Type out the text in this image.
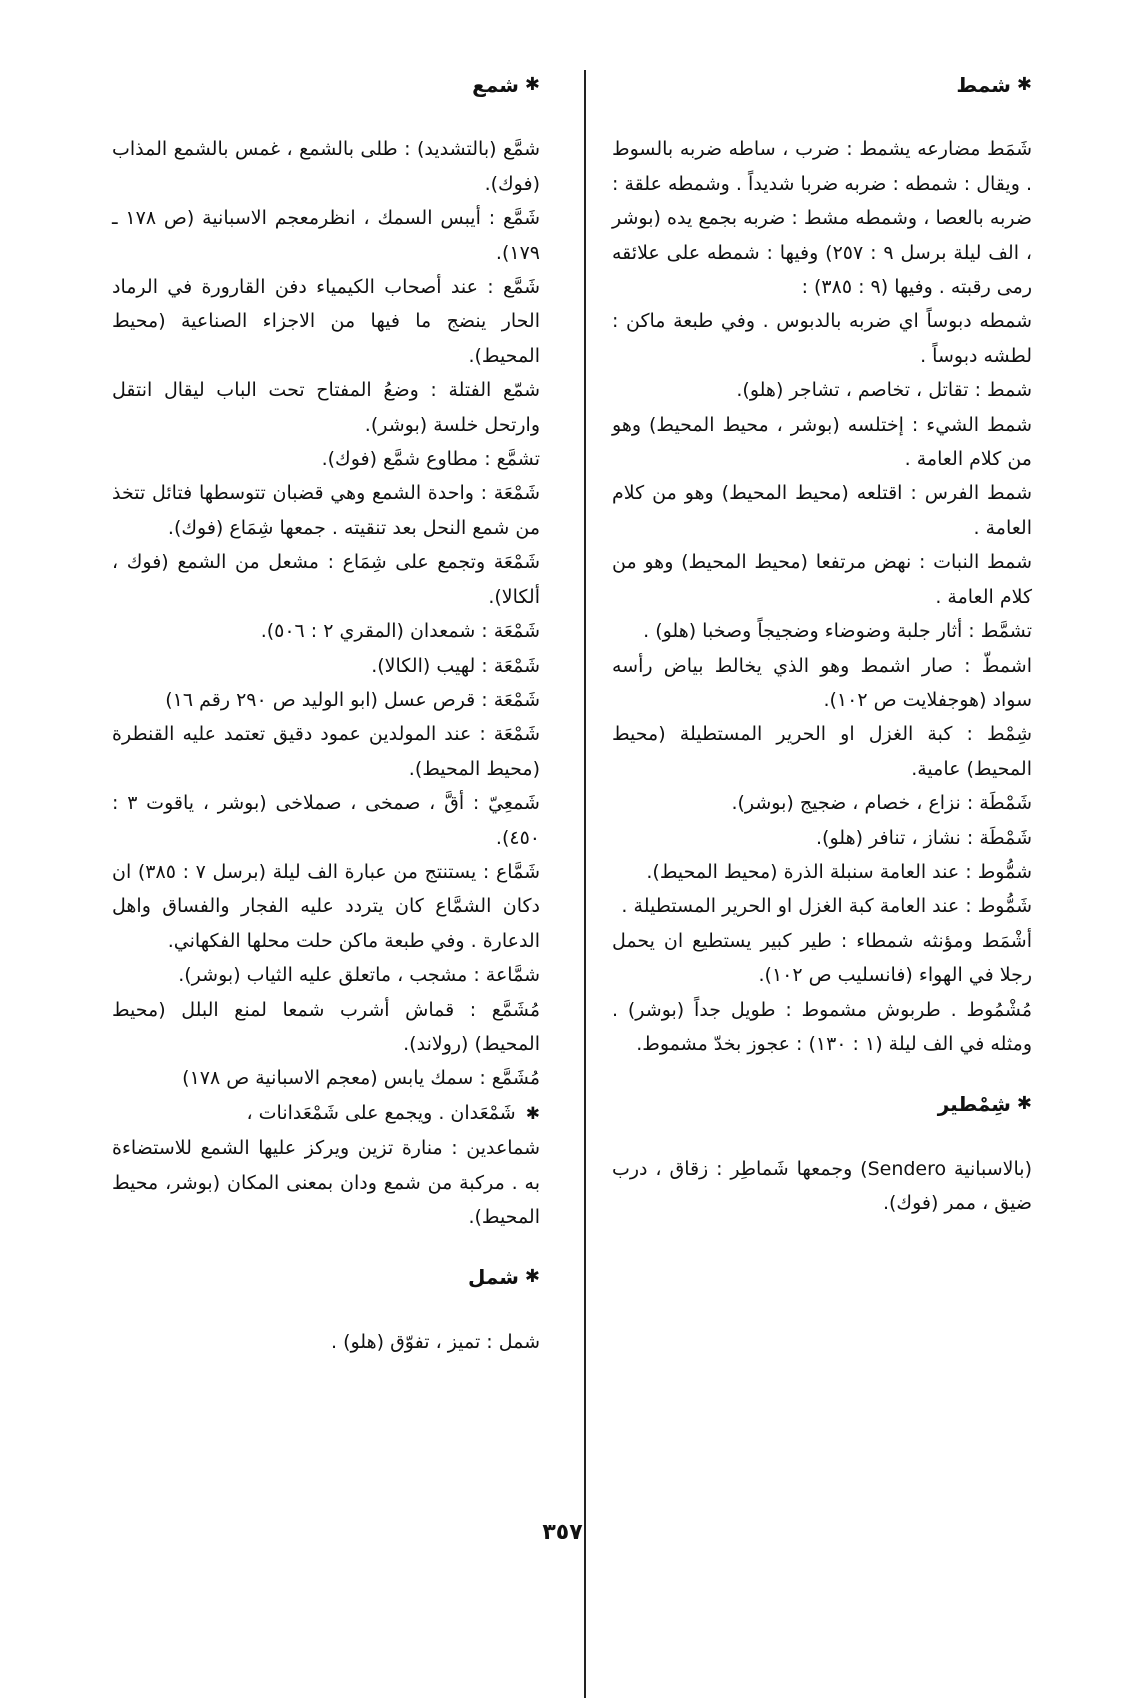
✱
شمط

شَمَط مضارعه يشمط : ضرب ، ساطه ضربه بالسوط . ويقال : شمطه : ضربه ضربا شديداً . وشمطه علقة : ضربه بالعصا ، وشمطه مشط : ضربه بجمع يده (بوشر ، الف ليلة برسل ٩ : ٢٥٧) وفيها : شمطه على علائقه رمى رقبته . وفيها (٩ : ٣٨٥) :

شمطه دبوساً اي ضربه بالدبوس . وفي طبعة ماكن : لطشه دبوساً .

شمط : تقاتل ، تخاصم ، تشاجر (هلو).

شمط الشيء : إختلسه (بوشر ، محيط المحيط) وهو من كلام العامة .

شمط الفرس : اقتلعه (محيط المحيط) وهو من كلام العامة .

شمط النبات : نهض مرتفعا (محيط المحيط) وهو من كلام العامة .

تشمَّط : أثار جلبة وضوضاء وضجيجاً وصخبا (هلو) .

اشمطّ : صار اشمط وهو الذي يخالط بياض رأسه سواد (هوجفلايت ص ١٠٢).

شِمْط : كبة الغزل او الحرير المستطيلة (محيط المحيط) عامية.

شَمْطَة : نزاع ، خصام ، ضجيج (بوشر).

شَمْطَة : نشاز ، تنافر (هلو).

شمُّوط : عند العامة سنبلة الذرة (محيط المحيط).

شَمُّوط : عند العامة كبة الغزل او الحرير المستطيلة .

أشْمَط ومؤنثه شمطاء : طير كبير يستطيع ان يحمل رجلا في الهواء (فانسليب ص ١٠٢).

مُشْمُوط . طربوش مشموط : طويل جداً (بوشر) . ومثله في الف ليلة (١ : ١٣٠) : عجوز بخدّ مشموط.

✱
شِمْطير

(بالاسبانية Sendero) وجمعها شَماطِر : زقاق ، درب ضيق ، ممر (فوك).

✱
شمع

شمَّع (بالتشديد) : طلى بالشمع ، غمس بالشمع المذاب (فوك).

شَمَّع : أيبس السمك ، انظرمعجم الاسبانية (ص ١٧٨ ـ ١٧٩).

شَمَّع : عند أصحاب الكيمياء دفن القارورة في الرماد الحار ينضج ما فيها من الاجزاء الصناعية (محيط المحيط).

شمّع الفتلة : وضعُ المفتاح تحت الباب ليقال انتقل وارتحل خلسة (بوشر).

تشمَّع : مطاوع شمَّع (فوك).

شَمْعَة : واحدة الشمع وهي قضبان تتوسطها فتائل تتخذ من شمع النحل بعد تنقيته . جمعها شِمَاع (فوك).

شَمْعَة وتجمع على شِمَاع : مشعل من الشمع (فوك ، ألكالا).

شَمْعَة : شمعدان (المقري ٢ : ٥٠٦).

شَمْعَة : لهيب (الكالا).

شَمْعَة : قرص عسل (ابو الوليد ص ٢٩٠ رقم ١٦)

شَمْعَة : عند المولدين عمود دقيق تعتمد عليه القنطرة (محيط المحيط).

شَمعِيّ : أقَّ ، صمخى ، صملاخى (بوشر ، ياقوت ٣ : ٤٥٠).

شَمَّاع : يستنتج من عبارة الف ليلة (برسل ٧ : ٣٨٥) ان دكان الشمَّاع كان يتردد عليه الفجار والفساق واهل الدعارة . وفي طبعة ماكن حلت محلها الفكهاني.

شمَّاعة : مشجب ، ماتعلق عليه الثياب (بوشر).

مُشَمَّع : قماش أشرب شمعا لمنع البلل (محيط المحيط) (رولاند).

مُشَمَّع : سمك يابس (معجم الاسبانية ص ١٧٨)

✱ شَمْعَدان . ويجمع على شَمْعَدانات ،

شماعدين : منارة تزين ويركز عليها الشمع للاستضاءة به . مركبة من شمع ودان بمعنى المكان (بوشر، محيط المحيط).

✱
شمل

شمل : تميز ، تفوّق (هلو) .

٣٥٧
